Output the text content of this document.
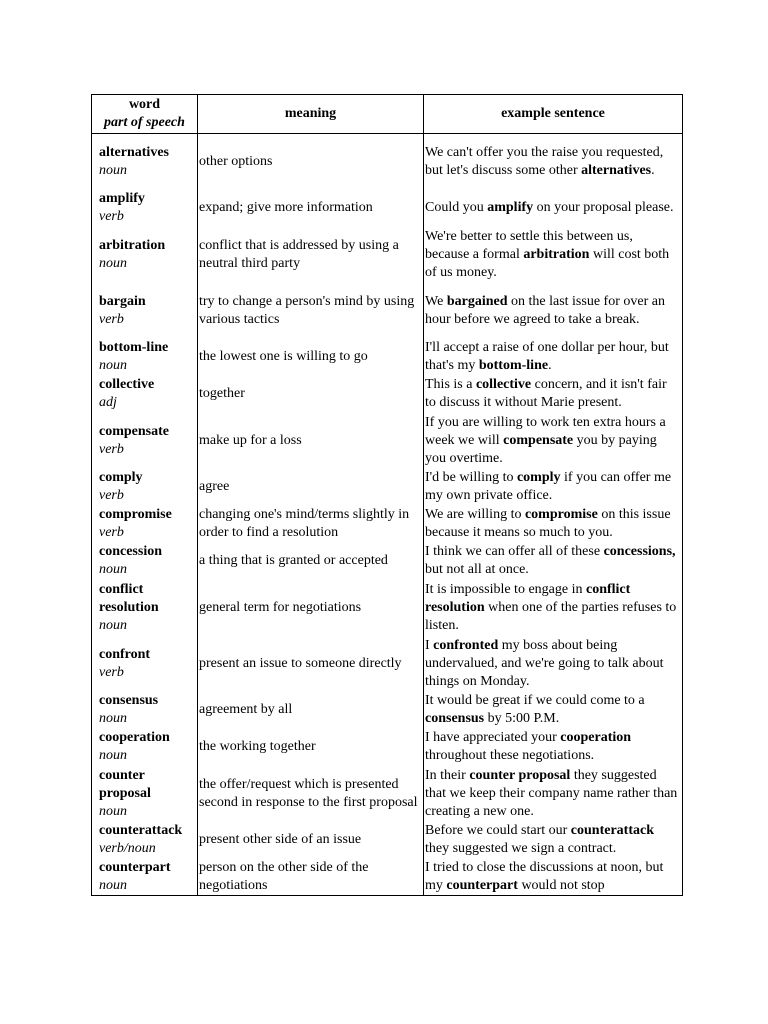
word
part of speech	meaning	example sentence

alternatives
noun	other options	We can't offer you the raise you requested, but let's discuss some other alternatives.

amplify
verb	expand; give more information	Could you amplify on your proposal please.

arbitration
noun	conflict that is addressed by using a neutral third party	We're better to settle this between us, because a formal arbitration will cost both of us money.

bargain
verb	try to change a person's mind by using various tactics	We bargained on the last issue for over an hour before we agreed to take a break.

bottom-line
noun	the lowest one is willing to go	I'll accept a raise of one dollar per hour, but that's my bottom-line.

collective
adj	together	This is a collective concern, and it isn't fair to discuss it without Marie present.

compensate
verb	make up for a loss	If you are willing to work ten extra hours a week we will compensate you by paying you overtime.

comply
verb	agree	I'd be willing to comply if you can offer me my own private office.

compromise
verb	changing one's mind/terms slightly in order to find a resolution	We are willing to compromise on this issue because it means so much to you.

concession
noun	a thing that is granted or accepted	I think we can offer all of these concessions, but not all at once.

conflict resolution
noun	general term for negotiations	It is impossible to engage in conflict resolution when one of the parties refuses to listen.

confront
verb	present an issue to someone directly	I confronted my boss about being undervalued, and we're going to talk about things on Monday.

consensus
noun	agreement by all	It would be great if we could come to a consensus by 5:00 P.M.

cooperation
noun	the working together	I have appreciated your cooperation throughout these negotiations.

counter proposal
noun	the offer/request which is presented second in response to the first proposal	In their counter proposal they suggested that we keep their company name rather than creating a new one.

counterattack
verb/noun	present other side of an issue	Before we could start our counterattack they suggested we sign a contract.

counterpart
noun	person on the other side of the negotiations	I tried to close the discussions at noon, but my counterpart would not stop
